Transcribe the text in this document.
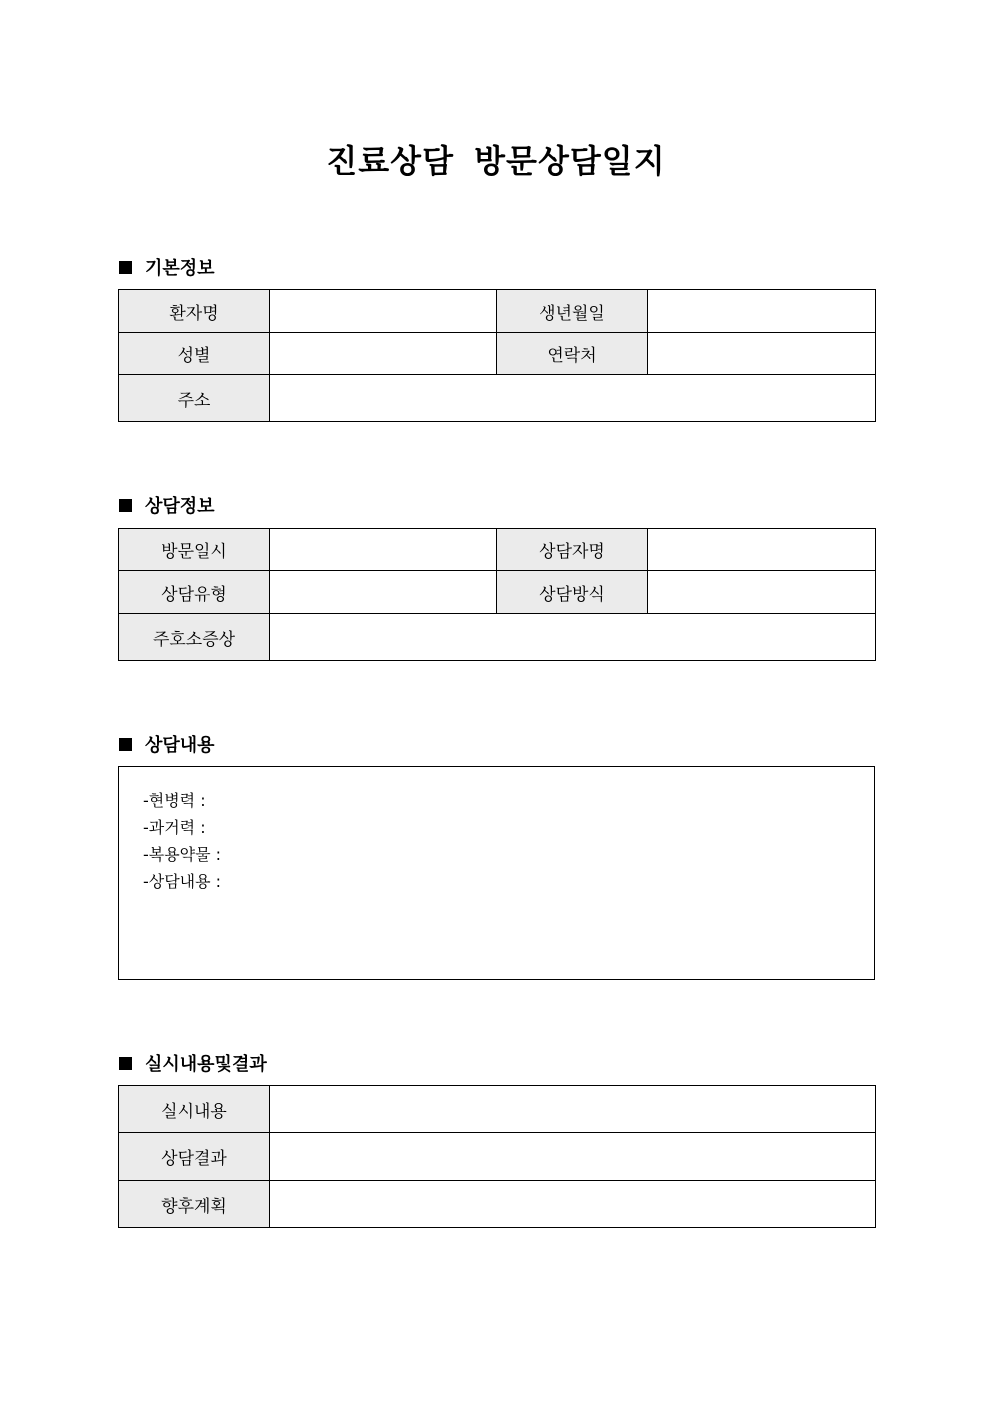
진료상담 방문상담일지
기본정보
환자명		생년월일	
성별		연락처	
주소			
상담정보
방문일시		상담자명	
상담유형		상담방식	
주호소증상			
상담내용
-현병력 :
-과거력 :
-복용약물 :
-상담내용 :
실시내용및결과
실시내용	
상담결과	
향후계획	
